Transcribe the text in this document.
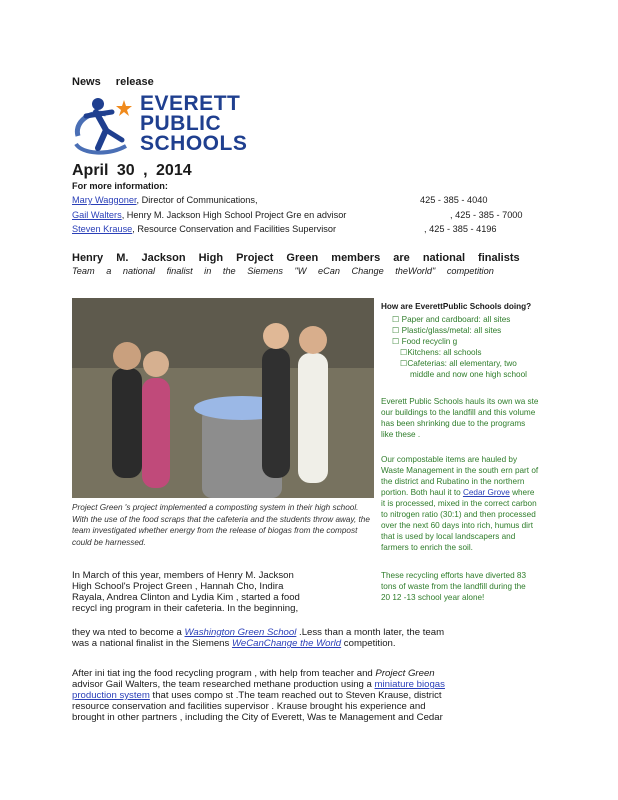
News release
EVERETT
PUBLIC
SCHOOLS
April 30 , 2014
For more information:
Mary Waggoner, Director of Communications,	425 - 385 - 4040
Gail Walters, Henry M. Jackson High School Project Gre en advisor	, 425 - 385 - 7000
Steven Krause, Resource Conservation and Facilities Supervisor	, 425 - 385 - 4196
Henry M. Jackson High Project Green members are national finalists
Team a national finalist in the Siemens "W eCan Change theWorld" competition
Project Green 's project implemented a composting system in their high school. With the use of the food scraps that the cafeteria and the students throw away, the team investigated whether energy from the release of biogas from the compost could be harnessed.
In March of this year, members of Henry M. Jackson
High School's Project Green , Hannah Cho, Indira
Rayala, Andrea Clinton and Lydia Kim , started a food
recycl ing program in their cafeteria. In the beginning,
they wa nted to become a Washington Green School .Less than a month later, the team
was a national finalist in the Siemens WeCanChange the World competition.
After ini tiat ing the food recycling program , with help from teacher and Project Green
advisor Gail Walters, the team researched methane production using a miniature biogas
production system that uses compo st .The team reached out to Steven Krause, district
resource conservation and facilities supervisor . Krause brought his experience and
brought in other partners , including the City of Everett, Was te Management and Cedar
How are EverettPublic Schools doing?
☐ Paper and cardboard: all sites
☐ Plastic/glass/metal: all sites
☐ Food recyclin g
☐Kitchens: all schools
☐Cafeterias: all elementary, two
middle and now one high school
Everett Public Schools hauls its own wa ste
our buildings to the landfill and this volume
has been shrinking due to the programs
like these .
Our compostable items are hauled by
Waste Management in the south ern part of
the district and Rubatino in the northern
portion. Both haul it to Cedar Grove where
it is processed, mixed in the correct carbon
to nitrogen ratio (30:1) and then processed
over the next 60 days into rich, humus dirt
that is used by local landscapers and
farmers to enrich the soil.
These recycling efforts have diverted 83
tons of waste from the landfill during the
20 12 -13 school year alone!
